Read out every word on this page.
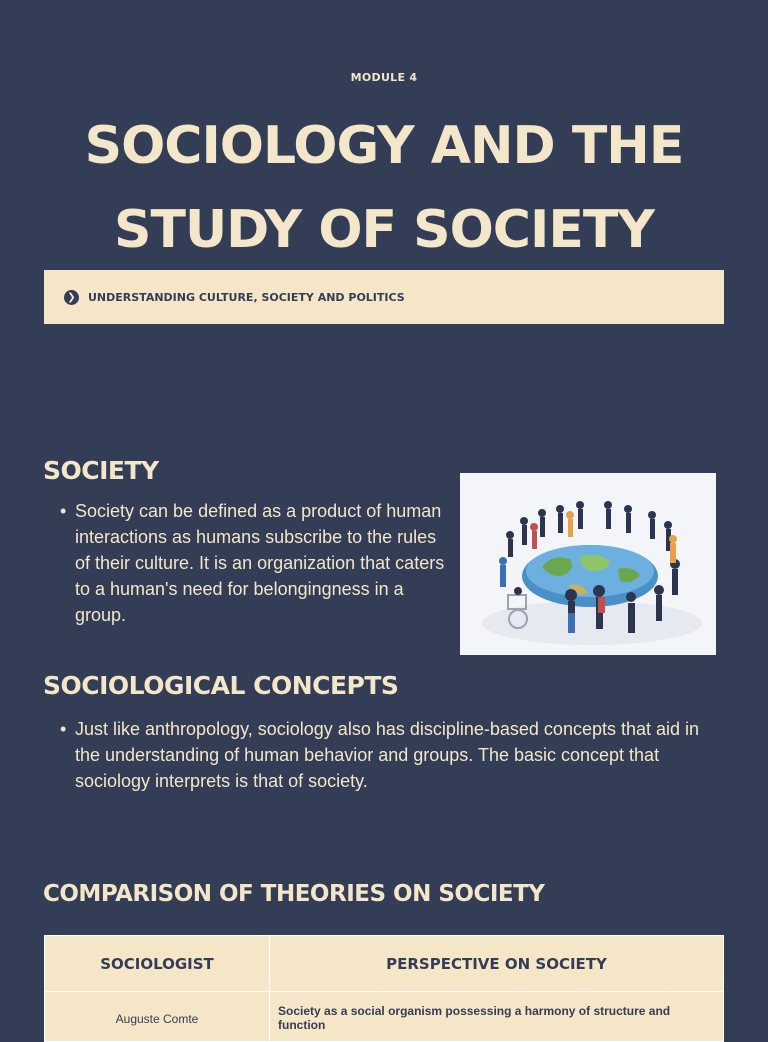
MODULE 4
SOCIOLOGY AND THE
STUDY OF SOCIETY
❯	UNDERSTANDING CULTURE, SOCIETY AND POLITICS
SOCIETY
• Society can be defined as a product of human interactions as humans subscribe to the rules of their culture. It is an organization that caters to a human's need for belongingness in a group.
SOCIOLOGICAL CONCEPTS
• Just like anthropology, sociology also has discipline-based concepts that aid in the understanding of human behavior and groups. The basic concept that sociology interprets is that of society.
COMPARISON OF THEORIES ON SOCIETY
SOCIOLOGIST	PERSPECTIVE ON SOCIETY
Auguste Comte	Society as a social organism possessing a harmony of structure and function
